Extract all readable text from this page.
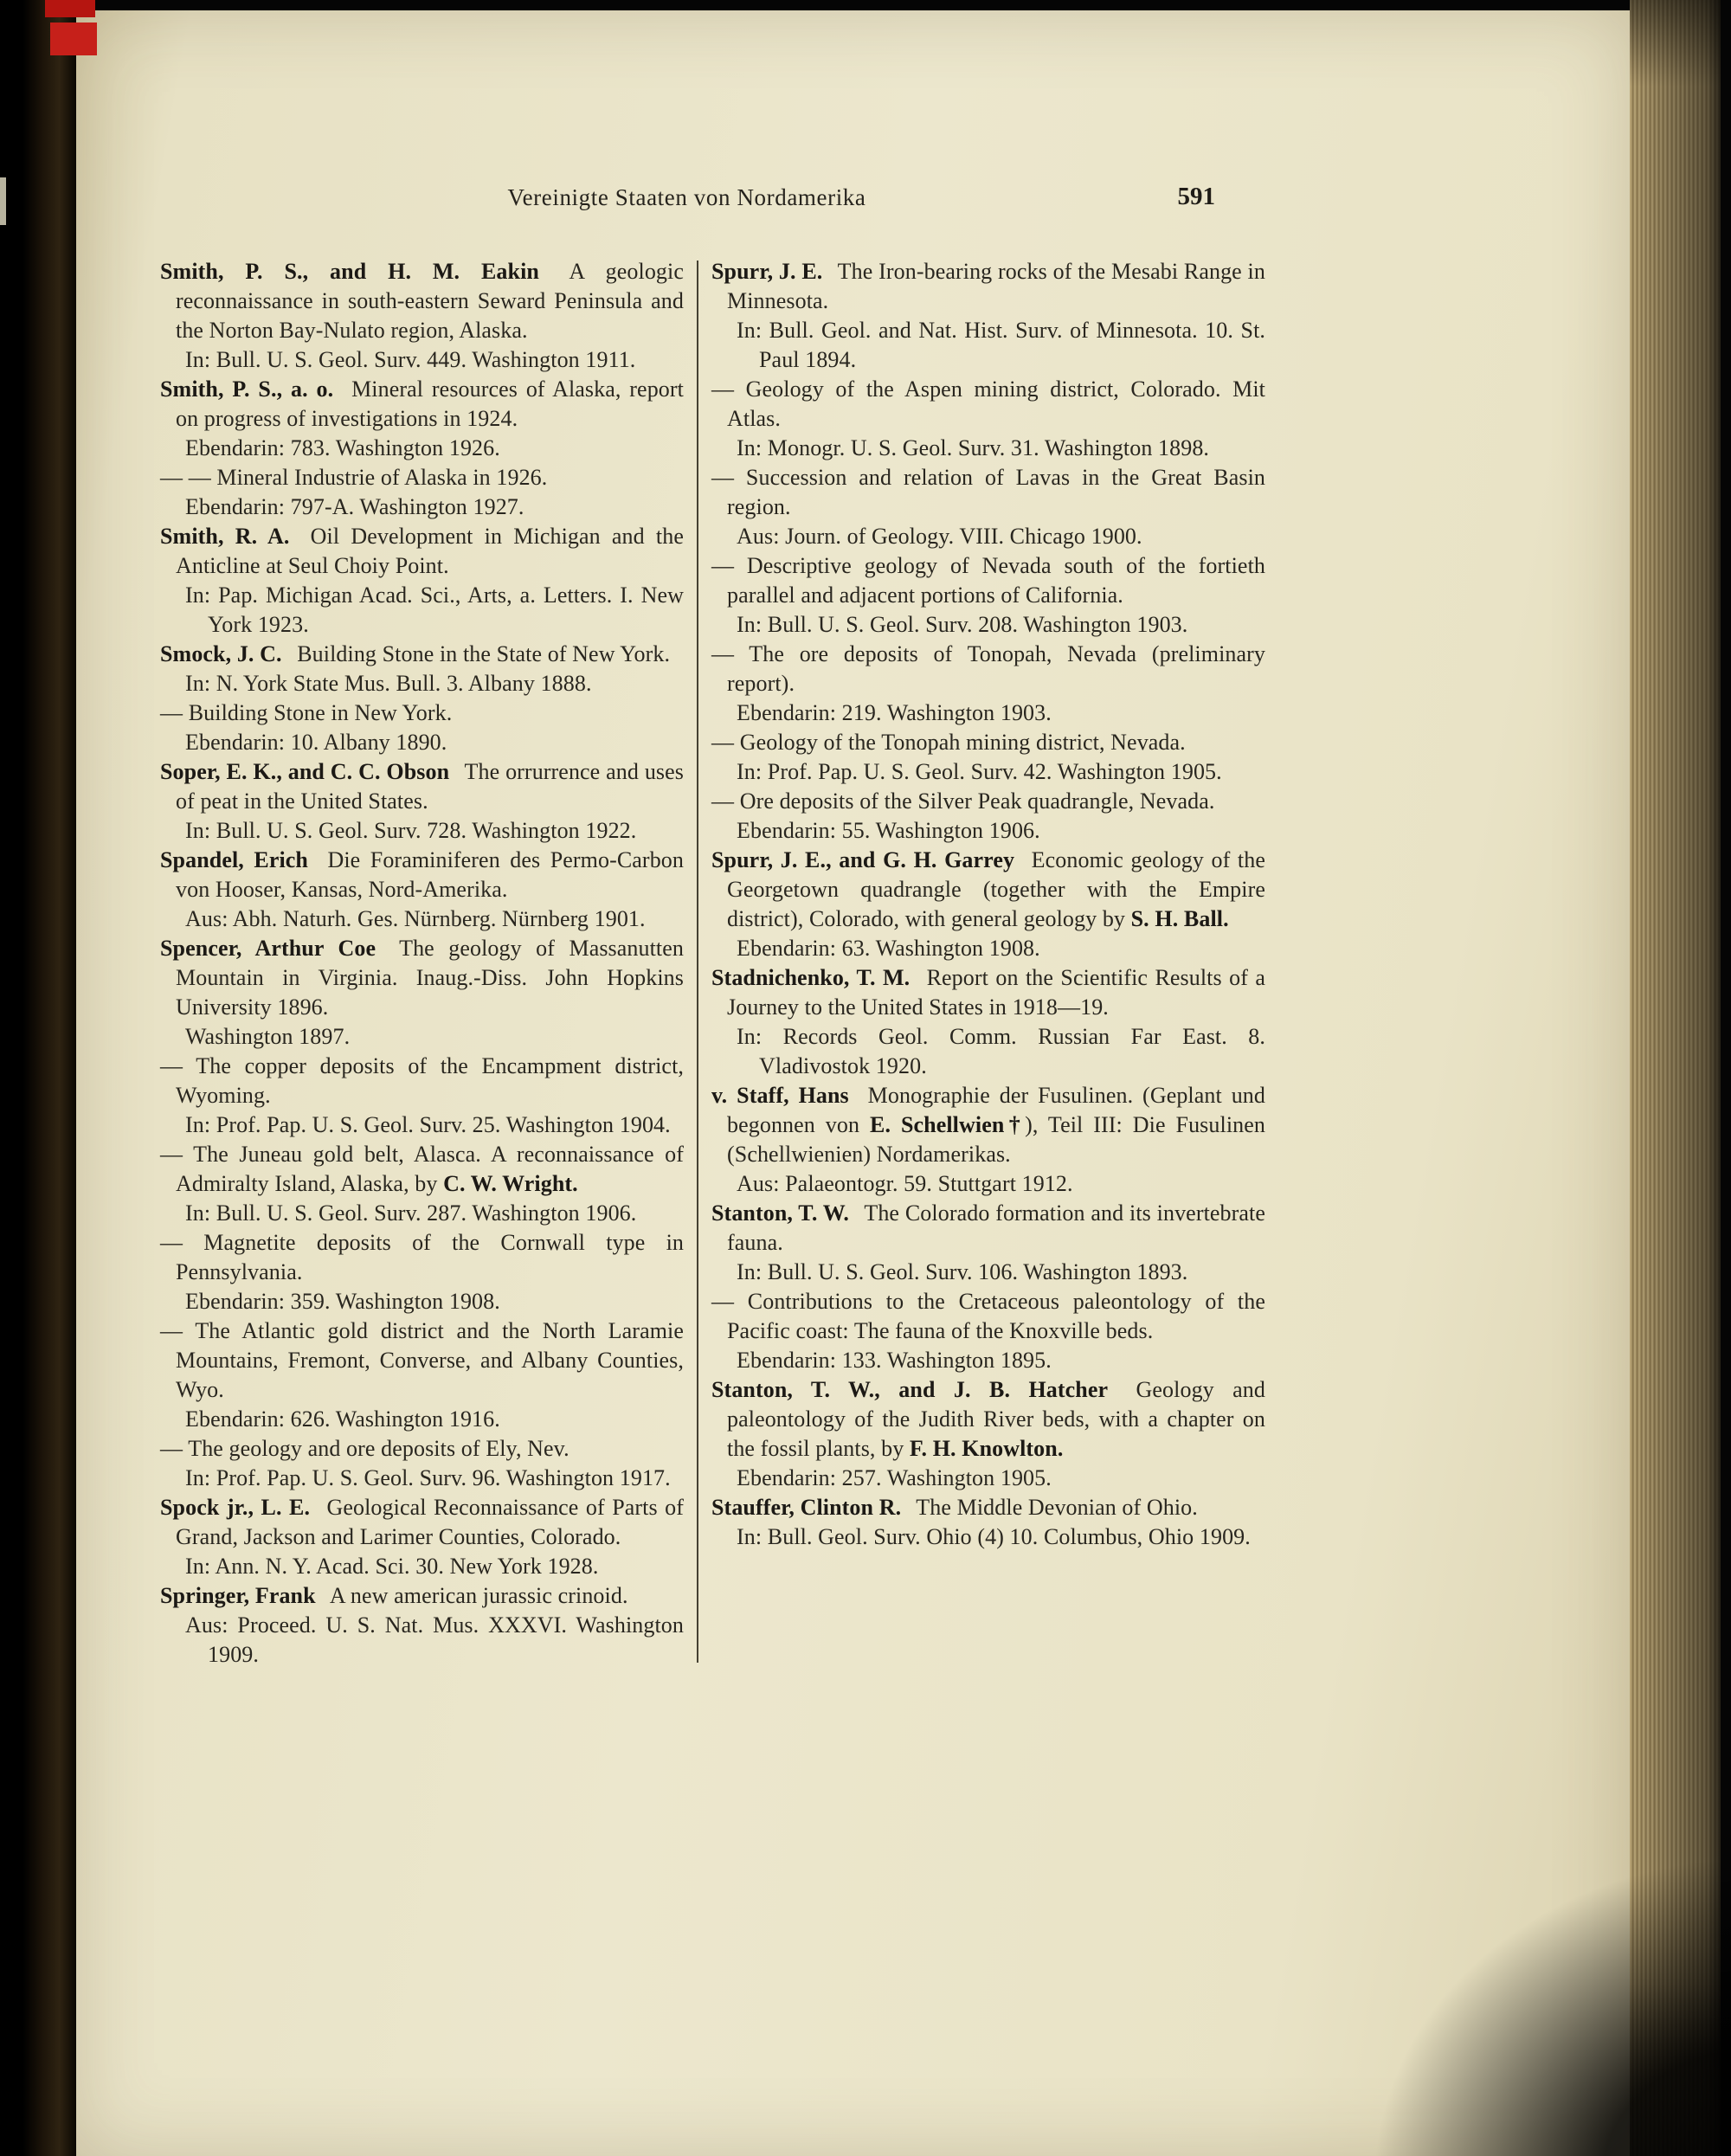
Vereinigte Staaten von Nordamerika	591

Smith, P. S., and H. M. Eakin A geologic reconnaissance in south-eastern Seward Peninsula and the Norton Bay-Nulato region, Alaska.

In: Bull. U. S. Geol. Surv. 449. Washington 1911.

Smith, P. S., a. o. Mineral resources of Alaska, report on progress of investigations in 1924.

Ebendarin: 783. Washington 1926.

— — Mineral Industrie of Alaska in 1926.

Ebendarin: 797-A. Washington 1927.

Smith, R. A. Oil Development in Michigan and the Anticline at Seul Choiy Point.

In: Pap. Michigan Acad. Sci., Arts, a. Letters. I. New York 1923.

Smock, J. C. Building Stone in the State of New York.

In: N. York State Mus. Bull. 3. Albany 1888.

— Building Stone in New York.

Ebendarin: 10. Albany 1890.

Soper, E. K., and C. C. Obson The orrurrence and uses of peat in the United States.

In: Bull. U. S. Geol. Surv. 728. Washington 1922.

Spandel, Erich Die Foraminiferen des Permo-Carbon von Hooser, Kansas, Nord-Amerika.

Aus: Abh. Naturh. Ges. Nürnberg. Nürnberg 1901.

Spencer, Arthur Coe The geology of Massanutten Mountain in Virginia. Inaug.-Diss. John Hopkins University 1896.

Washington 1897.

— The copper deposits of the Encampment district, Wyoming.

In: Prof. Pap. U. S. Geol. Surv. 25. Washington 1904.

— The Juneau gold belt, Alasca. A reconnaissance of Admiralty Island, Alaska, by C. W. Wright.

In: Bull. U. S. Geol. Surv. 287. Washington 1906.

— Magnetite deposits of the Cornwall type in Pennsylvania.

Ebendarin: 359. Washington 1908.

— The Atlantic gold district and the North Laramie Mountains, Fremont, Converse, and Albany Counties, Wyo.

Ebendarin: 626. Washington 1916.

— The geology and ore deposits of Ely, Nev.

In: Prof. Pap. U. S. Geol. Surv. 96. Washington 1917.

Spock jr., L. E. Geological Reconnaissance of Parts of Grand, Jackson and Larimer Counties, Colorado.

In: Ann. N. Y. Acad. Sci. 30. New York 1928.

Springer, Frank A new american jurassic crinoid.

Aus: Proceed. U. S. Nat. Mus. XXXVI. Washington 1909.

Spurr, J. E. The Iron-bearing rocks of the Mesabi Range in Minnesota.

In: Bull. Geol. and Nat. Hist. Surv. of Minnesota. 10. St. Paul 1894.

— Geology of the Aspen mining district, Colorado. Mit Atlas.

In: Monogr. U. S. Geol. Surv. 31. Washington 1898.

— Succession and relation of Lavas in the Great Basin region.

Aus: Journ. of Geology. VIII. Chicago 1900.

— Descriptive geology of Nevada south of the fortieth parallel and adjacent portions of California.

In: Bull. U. S. Geol. Surv. 208. Washington 1903.

— The ore deposits of Tonopah, Nevada (preliminary report).

Ebendarin: 219. Washington 1903.

— Geology of the Tonopah mining district, Nevada.

In: Prof. Pap. U. S. Geol. Surv. 42. Washington 1905.

— Ore deposits of the Silver Peak quadrangle, Nevada.

Ebendarin: 55. Washington 1906.

Spurr, J. E., and G. H. Garrey Economic geology of the Georgetown quadrangle (together with the Empire district), Colorado, with general geology by S. H. Ball.

Ebendarin: 63. Washington 1908.

Stadnichenko, T. M. Report on the Scientific Results of a Journey to the United States in 1918—19.

In: Records Geol. Comm. Russian Far East. 8. Vladivostok 1920.

v. Staff, Hans Monographie der Fusulinen. (Geplant und begonnen von E. Schellwien†), Teil III: Die Fusulinen (Schellwienien) Nordamerikas.

Aus: Palaeontogr. 59. Stuttgart 1912.

Stanton, T. W. The Colorado formation and its invertebrate fauna.

In: Bull. U. S. Geol. Surv. 106. Washington 1893.

— Contributions to the Cretaceous paleontology of the Pacific coast: The fauna of the Knoxville beds.

Ebendarin: 133. Washington 1895.

Stanton, T. W., and J. B. Hatcher Geology and paleontology of the Judith River beds, with a chapter on the fossil plants, by F. H. Knowlton.

Ebendarin: 257. Washington 1905.

Stauffer, Clinton R. The Middle Devonian of Ohio.

In: Bull. Geol. Surv. Ohio (4) 10. Columbus, Ohio 1909.
